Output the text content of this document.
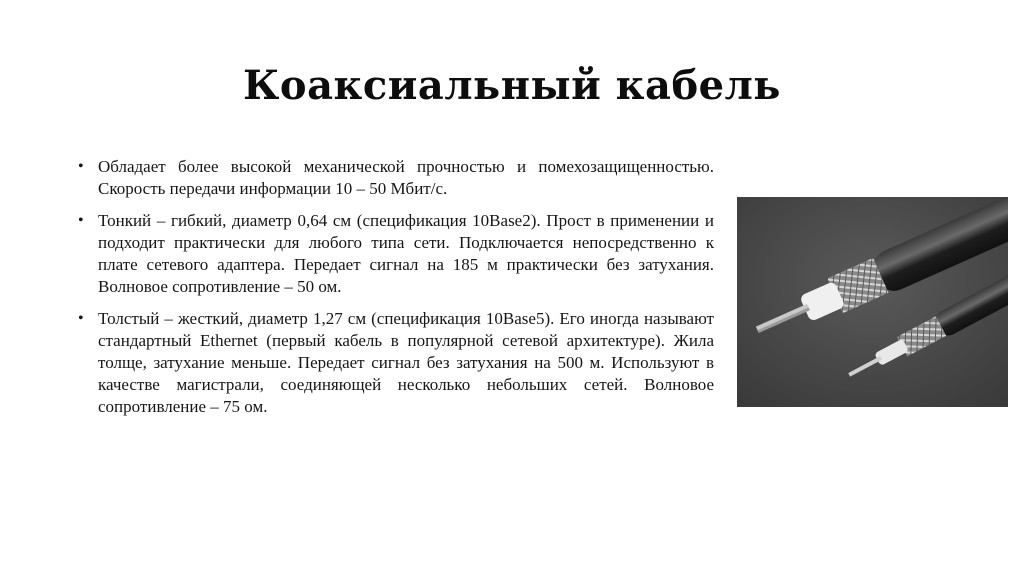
Коаксиальный кабель
• Обладает более высокой механической прочностью и помехозащищенностью. Скорость передачи информации 10 – 50 Мбит/с.
• Тонкий – гибкий, диаметр 0,64 см (спецификация 10Base2). Прост в применении и подходит практически для любого типа сети. Подключается непосредственно к плате сетевого адаптера. Передает сигнал на 185 м практически без затухания. Волновое сопротивление – 50 ом.
• Толстый – жесткий, диаметр 1,27 см (спецификация 10Base5). Его иногда называют стандартный Ethernet (первый кабель в популярной сетевой архитектуре). Жила толще, затухание меньше. Передает сигнал без затухания на 500 м. Используют в качестве магистрали, соединяющей несколько небольших сетей. Волновое сопротивление – 75 ом.
